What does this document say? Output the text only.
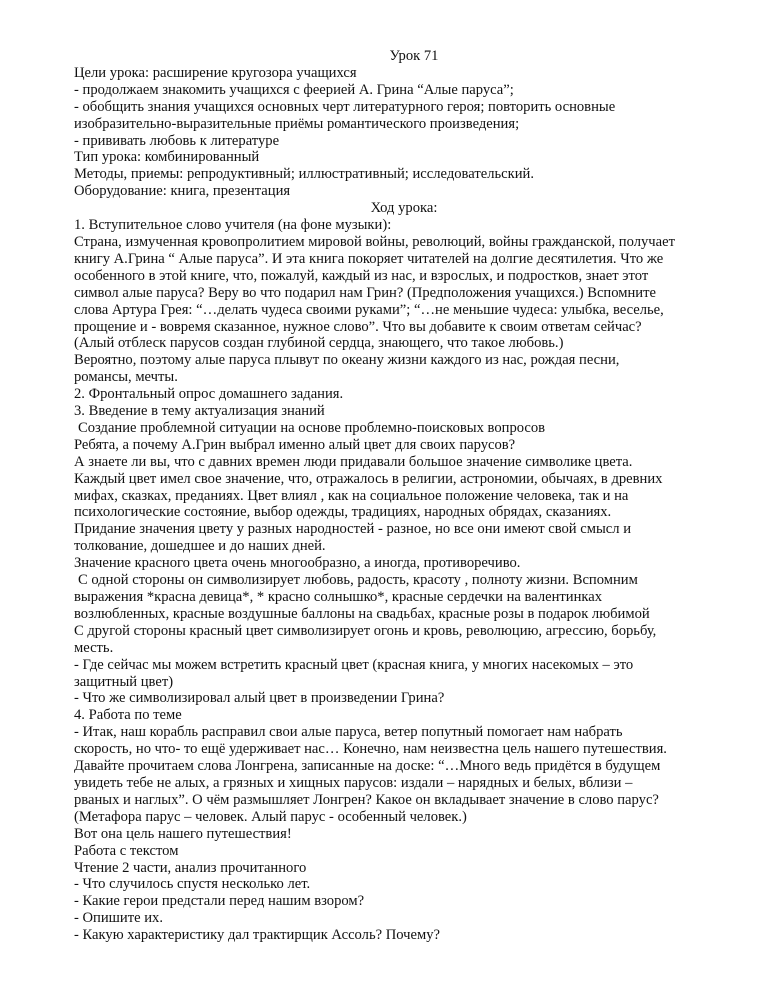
Урок 71
Цели урока: расширение кругозора учащихся
- продолжаем знакомить учащихся с феерией А. Грина “Алые паруса”;
- обобщить знания учащихся основных черт литературного героя; повторить основные
изобразительно-выразительные приёмы романтического произведения;
- прививать любовь к литературе
Тип урока: комбинированный
Методы, приемы: репродуктивный; иллюстративный; исследовательский.
Оборудование: книга, презентация
Ход урока:
1. Вступительное слово учителя (на фоне музыки):
Страна, измученная кровопролитием мировой войны, революций, войны гражданской, получает
книгу А.Грина “ Алые паруса”. И эта книга покоряет читателей на долгие десятилетия. Что же
особенного в этой книге, что, пожалуй, каждый из нас, и взрослых, и подростков, знает этот
символ алые паруса? Веру во что подарил нам Грин? (Предположения учащихся.) Вспомните
слова Артура Грея: “…делать чудеса своими руками”; “…не меньшие чудеса: улыбка, веселье,
прощение и - вовремя сказанное, нужное слово”. Что вы добавите к своим ответам сейчас?
(Алый отблеск парусов создан глубиной сердца, знающего, что такое любовь.)
Вероятно, поэтому алые паруса плывут по океану жизни каждого из нас, рождая песни,
романсы, мечты.
2. Фронтальный опрос домашнего задания.
3. Введение в тему актуализация знаний
Создание проблемной ситуации на основе проблемно-поисковых вопросов
Ребята, а почему А.Грин выбрал именно алый цвет для своих парусов?
А знаете ли вы, что с давних времен люди придавали большое значение символике цвета.
Каждый цвет имел свое значение, что, отражалось в религии, астрономии, обычаях, в древних
мифах, сказках, преданиях. Цвет влиял , как на социальное положение человека, так и на
психологические состояние, выбор одежды, традициях, народных обрядах, сказаниях.
Придание значения цвету у разных народностей - разное, но все они имеют свой смысл и
толкование, дошедшее и до наших дней.
Значение красного цвета очень многообразно, а иногда, противоречиво.
С одной стороны он символизирует любовь, радость, красоту , полноту жизни. Вспомним
выражения *красна девица*, * красно солнышко*, красные сердечки на валентинках
возлюбленных, красные воздушные баллоны на свадьбах, красные розы в подарок любимой
С другой стороны красный цвет символизирует огонь и кровь, революцию, агрессию, борьбу,
месть.
- Где сейчас мы можем встретить красный цвет (красная книга, у многих насекомых – это
защитный цвет)
- Что же символизировал алый цвет в произведении Грина?
4. Работа по теме
- Итак, наш корабль расправил свои алые паруса, ветер попутный помогает нам набрать
скорость, но что- то ещё удерживает нас… Конечно, нам неизвестна цель нашего путешествия.
Давайте прочитаем слова Лонгрена, записанные на доске: “…Много ведь придётся в будущем
увидеть тебе не алых, а грязных и хищных парусов: издали – нарядных и белых, вблизи –
рваных и наглых”. О чём размышляет Лонгрен? Какое он вкладывает значение в слово парус?
(Метафора парус – человек. Алый парус - особенный человек.)
Вот она цель нашего путешествия!
Работа с текстом
Чтение 2 части, анализ прочитанного
- Что случилось спустя несколько лет.
- Какие герои предстали перед нашим взором?
- Опишите их.
- Какую характеристику дал трактирщик Ассоль? Почему?
